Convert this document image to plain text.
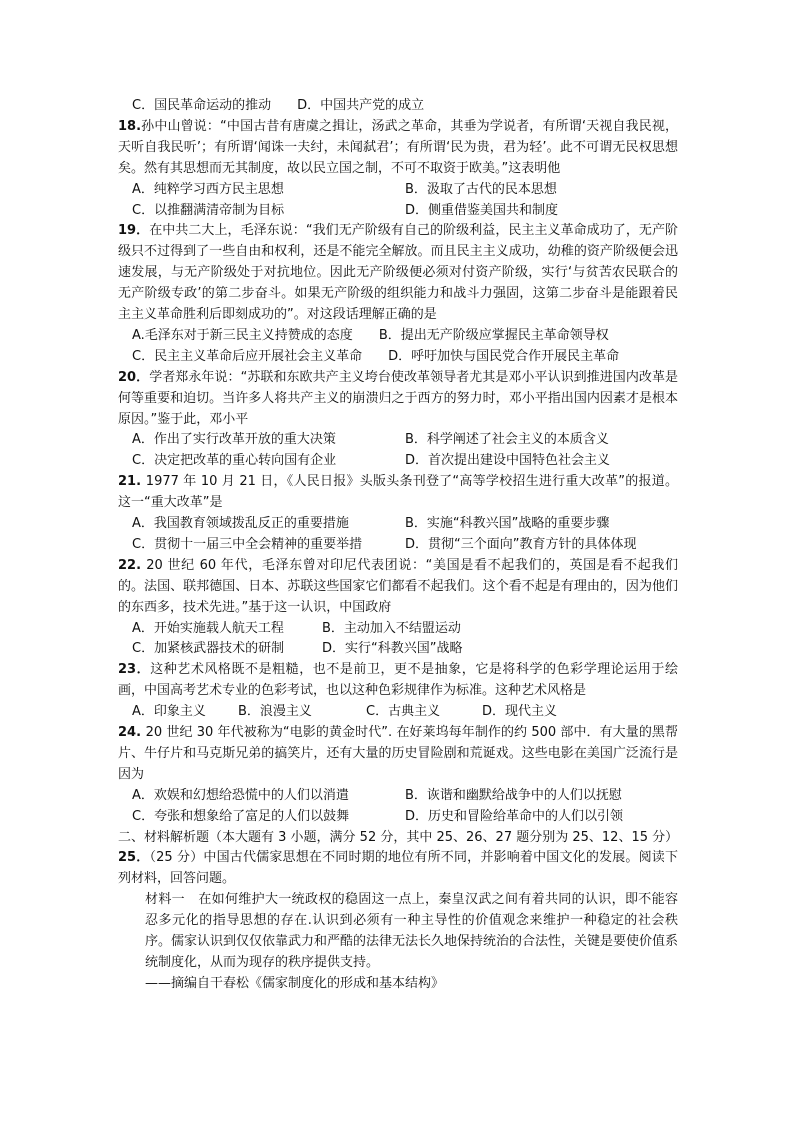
C．国民革命运动的推动	D．中国共产党的成立
18.孙中山曾说：“中国古昔有唐虞之揖让，汤武之革命，其垂为学说者，有所谓‘天视自我民视，天听自我民听’；有所谓‘闻诛一夫纣，未闻弑君’；有所谓‘民为贵，君为轻’。此不可谓无民权思想矣。然有其思想而无其制度，故以民立国之制，不可不取资于欧美。”这表明他
A．纯粹学习西方民主思想	B．汲取了古代的民本思想
C．以推翻满清帝制为目标	D．侧重借鉴美国共和制度
19．在中共二大上，毛泽东说：“我们无产阶级有自己的阶级利益，民主主义革命成功了，无产阶级只不过得到了一些自由和权利，还是不能完全解放。而且民主主义成功，幼稚的资产阶级便会迅速发展，与无产阶级处于对抗地位。因此无产阶级便必须对付资产阶级，实行‘与贫苦农民联合的无产阶级专政’的第二步奋斗。如果无产阶级的组织能力和战斗力强固，这第二步奋斗是能跟着民主主义革命胜利后即刻成功的”。对这段话理解正确的是
A.毛泽东对于新三民主义持赞成的态度	B．提出无产阶级应掌握民主革命领导权
C．民主主义革命后应开展社会主义革命	D．呼吁加快与国民党合作开展民主革命
20．学者郑永年说：“苏联和东欧共产主义垮台使改革领导者尤其是邓小平认识到推进国内改革是何等重要和迫切。当许多人将共产主义的崩溃归之于西方的努力时，邓小平指出国内因素才是根本原因。”鉴于此，邓小平
A．作出了实行改革开放的重大决策	B．科学阐述了社会主义的本质含义
C．决定把改革的重心转向国有企业	D．首次提出建设中国特色社会主义
21. 1977 年 10 月 21 日，《人民日报》头版头条刊登了“高等学校招生进行重大改革”的报道。这一“重大改革”是
A．我国教育领域拨乱反正的重要措施	B．实施“科教兴国”战略的重要步骤
C．贯彻十一届三中全会精神的重要举措	D．贯彻“三个面向”教育方针的具体体现
22. 20 世纪 60 年代，毛泽东曾对印尼代表团说：“美国是看不起我们的，英国是看不起我们的。法国、联邦德国、日本、苏联这些国家它们都看不起我们。这个看不起是有理由的，因为他们的东西多，技术先进。”基于这一认识，中国政府
A．开始实施载人航天工程	B．主动加入不结盟运动
C．加紧核武器技术的研制	D．实行“科教兴国”战略
23．这种艺术风格既不是粗糙，也不是前卫，更不是抽象，它是将科学的色彩学理论运用于绘画，中国高考艺术专业的色彩考试，也以这种色彩规律作为标准。这种艺术风格是
A．印象主义	B．浪漫主义	C．古典主义	D．现代主义
24. 20 世纪 30 年代被称为“电影的黄金时代”. 在好莱坞每年制作的约 500 部中．有大量的黑帮片、牛仔片和马克斯兄弟的搞笑片，还有大量的历史冒险剧和荒诞戏。这些电影在美国广泛流行是因为
A．欢娱和幻想给恐慌中的人们以消遣	B．诙谐和幽默给战争中的人们以抚慰
C．夸张和想象给了富足的人们以鼓舞	D．历史和冒险给革命中的人们以引领
二、材料解析题（本大题有 3 小题，满分 52 分，其中 25、26、27 题分别为 25、12、15 分）
25．（25 分）中国古代儒家思想在不同时期的地位有所不同，并影响着中国文化的发展。阅读下列材料，回答问题。
材料一 在如何维护大一统政权的稳固这一点上，秦皇汉武之间有着共同的认识，即不能容忍多元化的指导思想的存在.认识到必须有一种主导性的价值观念来维护一种稳定的社会秩序。儒家认识到仅仅依靠武力和严酷的法律无法长久地保持统治的合法性，关键是要使价值系统制度化，从而为现存的秩序提供支持。
——摘编自干春松《儒家制度化的形成和基本结构》
